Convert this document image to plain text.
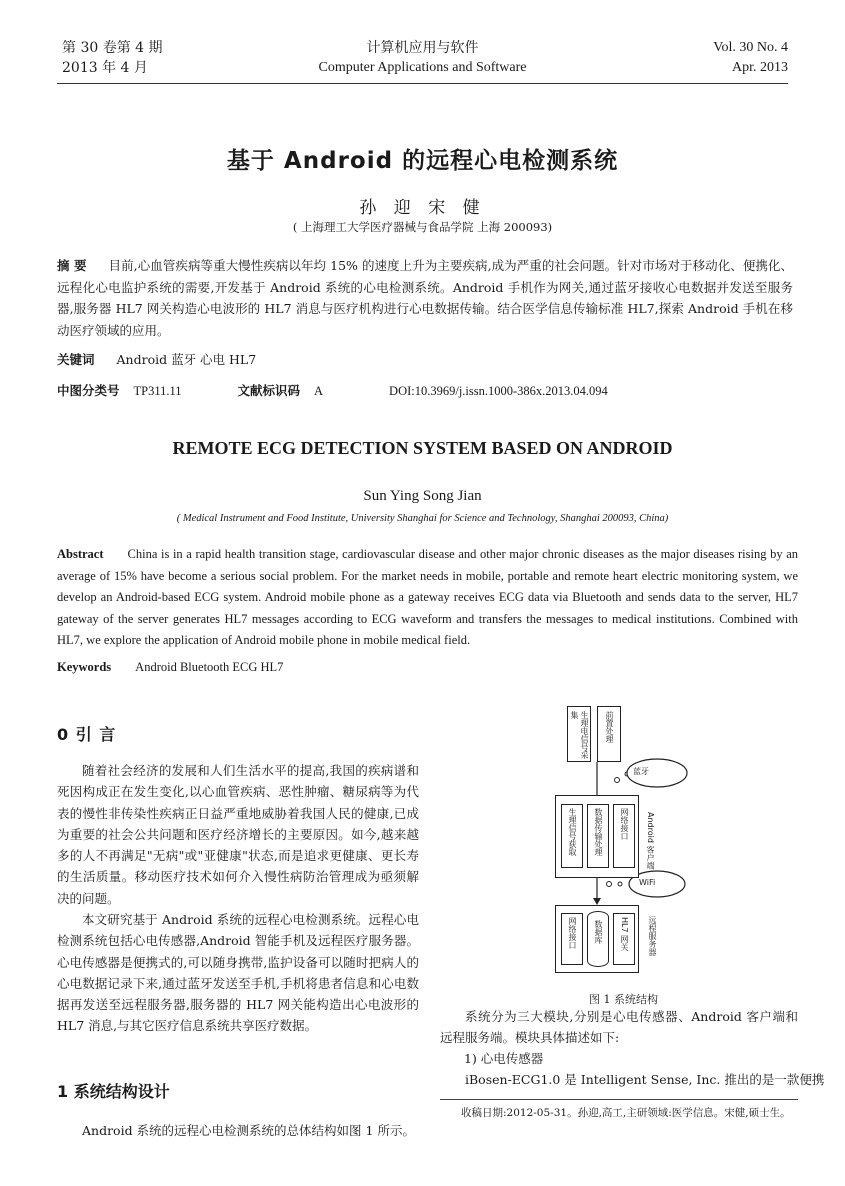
第 30 卷第 4 期
2013 年 4 月
计算机应用与软件
Computer Applications and Software
Vol. 30 No. 4
Apr. 2013
基于 Android 的远程心电检测系统
孙 迎 宋 健
( 上海理工大学医疗器械与食品学院 上海 200093)
摘 要 目前,心血管疾病等重大慢性疾病以年均 15% 的速度上升为主要疾病,成为严重的社会问题。针对市场对于移动化、便携化、远程化心电监护系统的需要,开发基于 Android 系统的心电检测系统。Android 手机作为网关,通过蓝牙接收心电数据并发送至服务器,服务器 HL7 网关构造心电波形的 HL7 消息与医疗机构进行心电数据传输。结合医学信息传输标准 HL7,探索 Android 手机在移动医疗领域的应用。
关键词 Android 蓝牙 心电 HL7
中图分类号 TP311.11	文献标识码 A	DOI:10.3969/j.issn.1000-386x.2013.04.094
REMOTE ECG DETECTION SYSTEM BASED ON ANDROID
Sun Ying Song Jian
( Medical Instrument and Food Institute, University Shanghai for Science and Technology, Shanghai 200093, China)
Abstract China is in a rapid health transition stage, cardiovascular disease and other major chronic diseases as the major diseases rising by an average of 15% have become a serious social problem. For the market needs in mobile, portable and remote heart electric monitoring system, we develop an Android-based ECG system. Android mobile phone as a gateway receives ECG data via Bluetooth and sends data to the server, HL7 gateway of the server generates HL7 messages according to ECG waveform and transfers the messages to medical institutions. Combined with HL7, we explore the application of Android mobile phone in mobile medical field.
Keywords Android Bluetooth ECG HL7
0 引 言
随着社会经济的发展和人们生活水平的提高,我国的疾病谱和死因构成正在发生变化,以心血管疾病、恶性肿瘤、糖尿病等为代表的慢性非传染性疾病正日益严重地威胁着我国人民的健康,已成为重要的社会公共问题和医疗经济增长的主要原因。如今,越来越多的人不再满足"无病"或"亚健康"状态,而是追求更健康、更长寿的生活质量。移动医疗技术如何介入慢性病防治管理成为亟须解决的问题。
本文研究基于 Android 系统的远程心电检测系统。远程心电检测系统包括心电传感器,Android 智能手机及远程医疗服务器。心电传感器是便携式的,可以随身携带,监护设备可以随时把病人的心电数据记录下来,通过蓝牙发送至手机,手机将患者信息和心电数据再发送至远程服务器,服务器的 HL7 网关能构造出心电波形的 HL7 消息,与其它医疗信息系统共享医疗数据。
1 系统结构设计
Android 系统的远程心电检测系统的总体结构如图 1 所示。
蓝牙
WiFi
生理电信号采集	前置处理
生理信号获取 数据传输处理 网络接口 Android 客户端
网络接口 数据库 HL7 网关 远程服务器
图 1 系统结构
系统分为三大模块,分别是心电传感器、Android 客户端和远程服务端。模块具体描述如下:
1) 心电传感器
iBosen-ECG1.0 是 Intelligent Sense, Inc. 推出的是一款便携
收稿日期:2012-05-31。孙迎,高工,主研领域:医学信息。宋健,硕士生。
